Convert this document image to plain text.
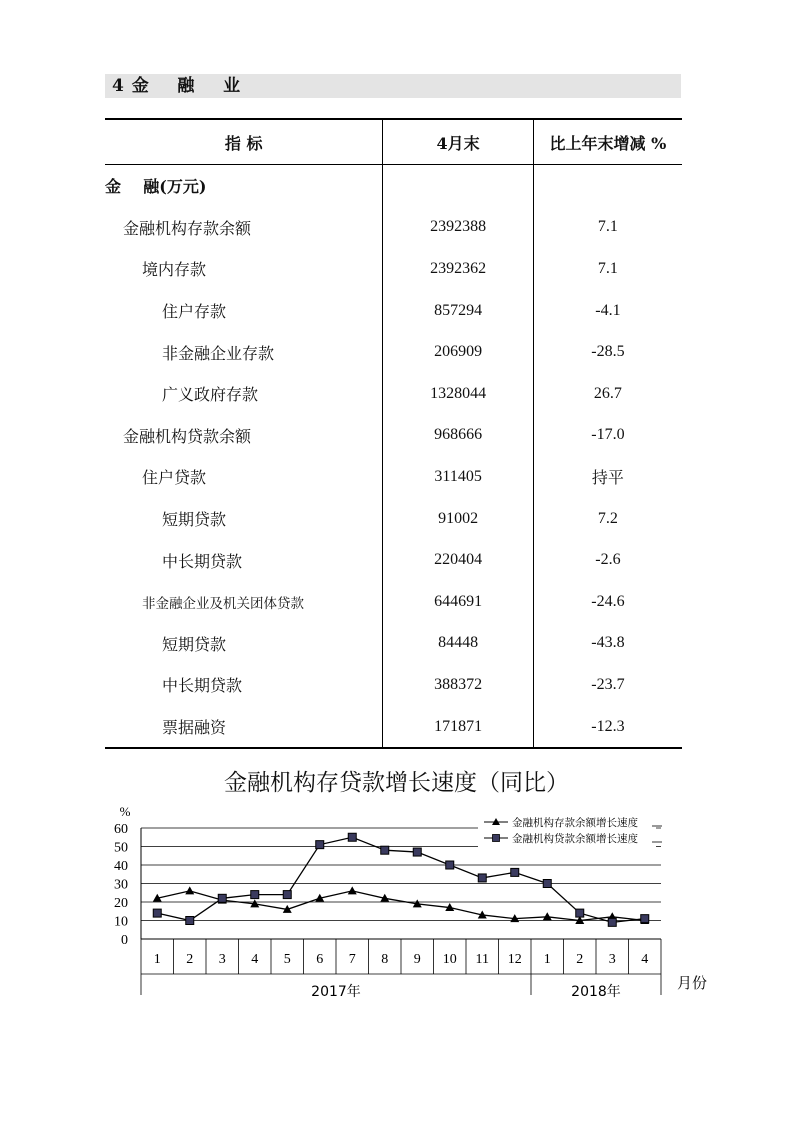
4 金    融    业
指 标	4月末	比上年末增减 %
金    融(万元)		
金融机构存款余额	2392388	7.1
境内存款	2392362	7.1
住户存款	857294	-4.1
非金融企业存款	206909	-28.5
广义政府存款	1328044	26.7
金融机构贷款余额	968666	-17.0
住户贷款	311405	持平
短期贷款	91002	7.2
中长期贷款	220404	-2.6
非金融企业及机关团体贷款	644691	-24.6
短期贷款	84448	-43.8
中长期贷款	388372	-23.7
票据融资	171871	-12.3
金融机构存贷款增长速度（同比）
0
10
20
30
40
50
60
%
1 2 3 4 5 6 7 8 9 10 11 12 1 2 3 4
2017年	2018年	月份
金融机构存款余额增长速度
金融机构贷款余额增长速度
